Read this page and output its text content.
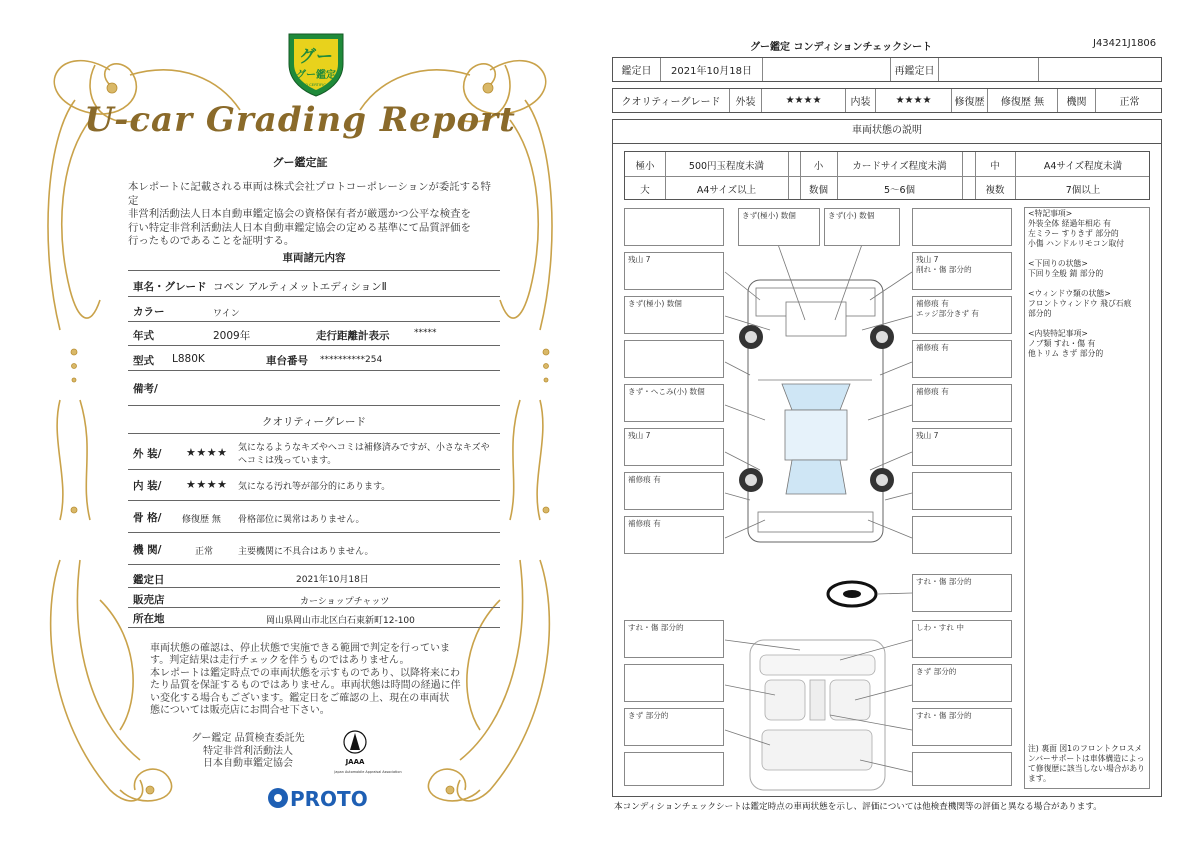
グー
グー鑑定
GOO CERTIFICATE
U-car Grading Report
グー鑑定証
本レポートに記載される車両は株式会社プロトコーポレーションが委託する特定
非営利活動法人日本自動車鑑定協会の資格保有者が厳選かつ公平な検査を
行い特定非営利活動法人日本自動車鑑定協会の定める基準にて品質評価を
行ったものであることを証明する。
車両諸元内容
車名・グレード コペン アルティメットエディションⅡ
カラー	ワイン
年式	2009年	走行距離計表示	*****
型式 L880K	車台番号 **********254
備考/
クオリティーグレード
外 装/ ★★★★ 気になるようなキズやヘコミは補修済みですが、小さなキズや
ヘコミは残っています。
内 装/ ★★★★ 気になる汚れ等が部分的にあります。
骨 格/ 修復歴 無 骨格部位に異常はありません。
機 関/	正常	主要機関に不具合はありません。
鑑定日	2021年10月18日
販売店	カーショップチャッツ
所在地	岡山県岡山市北区白石東新町12-100
車両状態の確認は、停止状態で実施できる範囲で判定を行っていま
す。判定結果は走行チェックを伴うものではありません。
本レポートは鑑定時点での車両状態を示すものであり、以降将来にわ
たり品質を保証するものではありません。車両状態は時間の経過に伴
い変化する場合もございます。鑑定日をご確認の上、現在の車両状
態については販売店にお問合せ下さい。
グー鑑定 品質検査委託先
特定非営利活動法人
日本自動車鑑定協会	JAAA
Japan Automobile Appraisal Association
PROTO
グー鑑定 コンディションチェックシート	J43421J1806
鑑定日	2021年10月18日	再鑑定日
クオリティーグレード	外装	★★★★	内装	★★★★	修復歴	修復歴 無	機関	正常
車両状態の説明
極小	500円玉程度未満	小	カードサイズ程度未満	中	A4サイズ程度未満
大	A4サイズ以上	数個	5～6個	複数	7個以上
<特記事項>
外装全体 経過年相応 有
左ミラー すりきず 部分的
小傷 ハンドルリモコン取付
<下回りの状態>
下回り全般 錆 部分的
<ウィンドウ類の状態>
フロントウィンドウ 飛び石痕
部分的
<内装特記事項>
ノブ類 すれ・傷 有
他トリム きず 部分的
注) 裏面 図1のフロントクロスメ
ンバーサポートは車体構造によっ
て修復歴に該当しない場合があり
ます。
きず(極小) 数個	きず(小) 数個
残山 7
きず(極小) 数個
きず・へこみ(小) 数個
残山 7
補修痕 有
補修痕 有
残山 7
削れ・傷 部分的
補修痕 有
エッジ部分きず 有
補修痕 有
補修痕 有
残山 7
すれ・傷 部分的
すれ・傷 部分的
きず 部分的
しわ・すれ 中
きず 部分的
すれ・傷 部分的
本コンディションチェックシートは鑑定時点の車両状態を示し、評価については他検査機関等の評価と異なる場合があります。
